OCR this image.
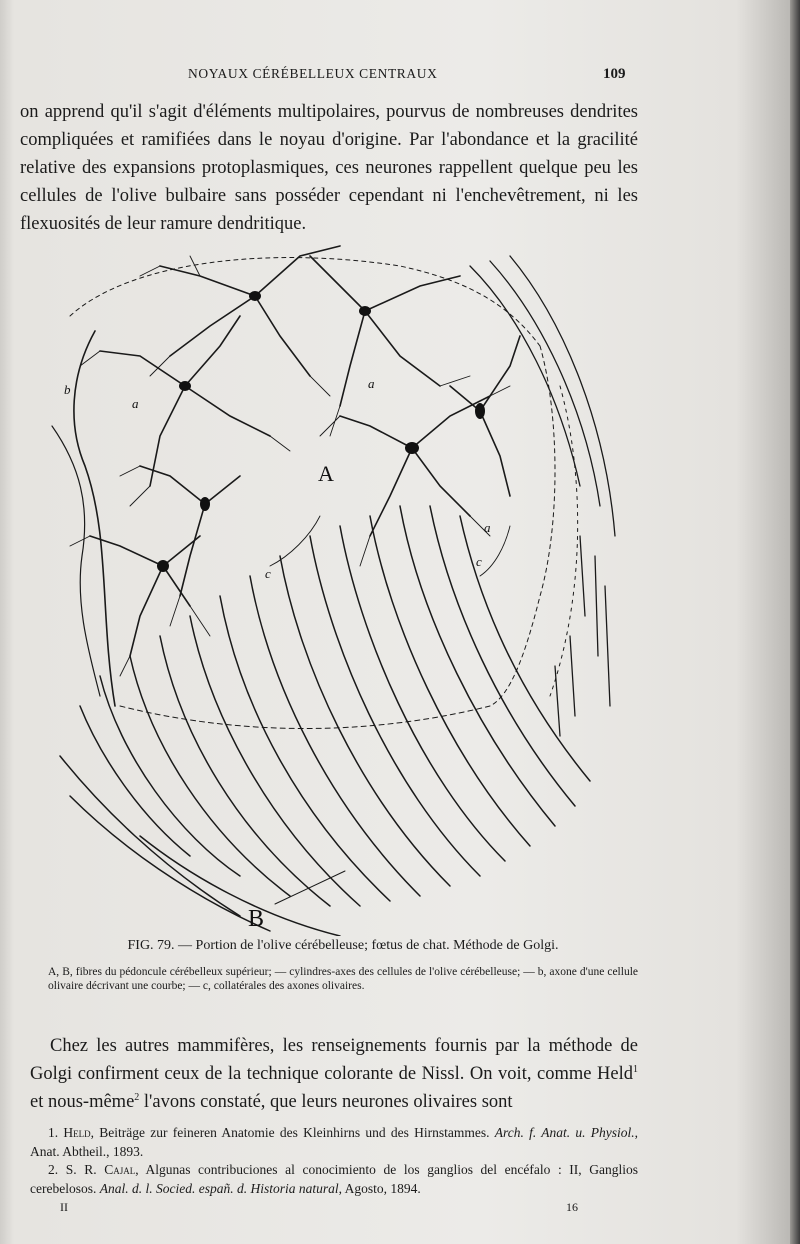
NOYAUX CÉRÉBELLEUX CENTRAUX	109
on apprend qu'il s'agit d'éléments multipolaires, pourvus de nombreuses dendrites compliquées et ramifiées dans le noyau d'origine. Par l'abondance et la gracilité relative des expansions protoplasmiques, ces neurones rappellent quelque peu les cellules de l'olive bulbaire sans posséder cependant ni l'enchevêtrement, ni les flexuosités de leur ramure dendritique.
A
B
a
a
a
b
c
c
FIG. 79. — Portion de l'olive cérébelleuse; fœtus de chat. Méthode de Golgi.
A, B, fibres du pédoncule cérébelleux supérieur; — cylindres-axes des cellules de l'olive cérébelleuse; — b, axone d'une cellule olivaire décrivant une courbe; — c, collatérales des axones olivaires.
Chez les autres mammifères, les renseignements fournis par la méthode de Golgi confirment ceux de la technique colorante de Nissl. On voit, comme Held$^1$ et nous-même$^2$ l'avons constaté, que leurs neurones olivaires sont

1. Held, Beiträge zur feineren Anatomie des Kleinhirns und des Hirnstammes. Arch. f. Anat. u. Physiol., Anat. Abtheil., 1893.

2. S. R. Cajal, Algunas contribuciones al conocimiento de los ganglios del encéfalo : II, Ganglios cerebelosos. Anal. d. l. Socied. españ. d. Historia natural, Agosto, 1894.

II	16
